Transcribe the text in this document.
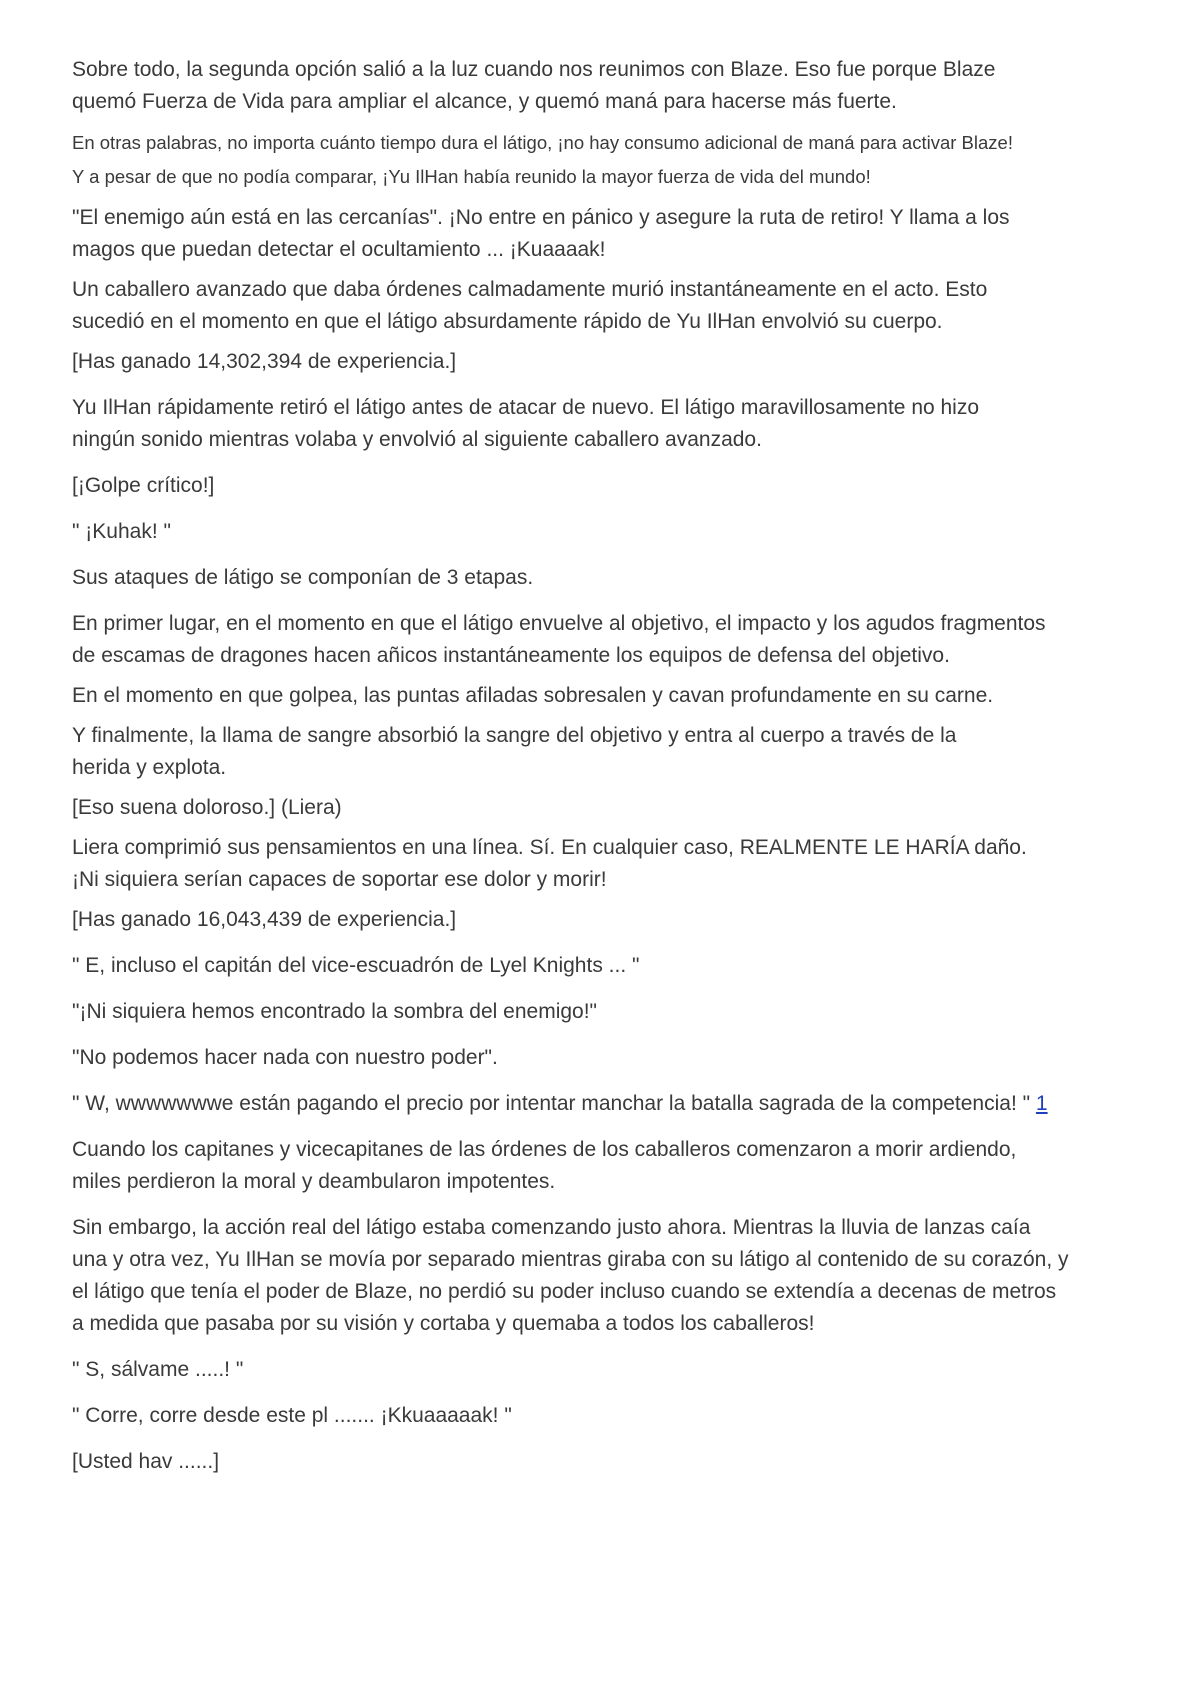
Sobre todo, la segunda opción salió a la luz cuando nos reunimos con Blaze. Eso fue porque Blaze
quemó Fuerza de Vida para ampliar el alcance, y quemó maná para hacerse más fuerte.

En otras palabras, no importa cuánto tiempo dura el látigo, ¡no hay consumo adicional de maná para activar Blaze!
Y a pesar de que no podía comparar, ¡Yu IlHan había reunido la mayor fuerza de vida del mundo!

"El enemigo aún está en las cercanías". ¡No entre en pánico y asegure la ruta de retiro! Y llama a los
magos que puedan detectar el ocultamiento ... ¡Kuaaaak!

Un caballero avanzado que daba órdenes calmadamente murió instantáneamente en el acto. Esto
sucedió en el momento en que el látigo absurdamente rápido de Yu IlHan envolvió su cuerpo.

[Has ganado 14,302,394 de experiencia.]

Yu IlHan rápidamente retiró el látigo antes de atacar de nuevo. El látigo maravillosamente no hizo
ningún sonido mientras volaba y envolvió al siguiente caballero avanzado.

[¡Golpe crítico!]

" ¡Kuhak! "

Sus ataques de látigo se componían de 3 etapas.

En primer lugar, en el momento en que el látigo envuelve al objetivo, el impacto y los agudos fragmentos
de escamas de dragones hacen añicos instantáneamente los equipos de defensa del objetivo.

En el momento en que golpea, las puntas afiladas sobresalen y cavan profundamente en su carne.

Y finalmente, la llama de sangre absorbió la sangre del objetivo y entra al cuerpo a través de la
herida y explota.

[Eso suena doloroso.] (Liera)

Liera comprimió sus pensamientos en una línea. Sí. En cualquier caso, REALMENTE LE HARÍA daño.
¡Ni siquiera serían capaces de soportar ese dolor y morir!

[Has ganado 16,043,439 de experiencia.]

" E, incluso el capitán del vice-escuadrón de Lyel Knights ... "

"¡Ni siquiera hemos encontrado la sombra del enemigo!"

"No podemos hacer nada con nuestro poder".

" W, wwwwwwwe están pagando el precio por intentar manchar la batalla sagrada de la competencia! " 1

Cuando los capitanes y vicecapitanes de las órdenes de los caballeros comenzaron a morir ardiendo,
miles perdieron la moral y deambularon impotentes.

Sin embargo, la acción real del látigo estaba comenzando justo ahora. Mientras la lluvia de lanzas caía
una y otra vez, Yu IlHan se movía por separado mientras giraba con su látigo al contenido de su corazón, y
el látigo que tenía el poder de Blaze, no perdió su poder incluso cuando se extendía a decenas de metros
a medida que pasaba por su visión y cortaba y quemaba a todos los caballeros!

" S, sálvame .....! "

" Corre, corre desde este pl ....... ¡Kkuaaaaak! "

[Usted hav ......]
